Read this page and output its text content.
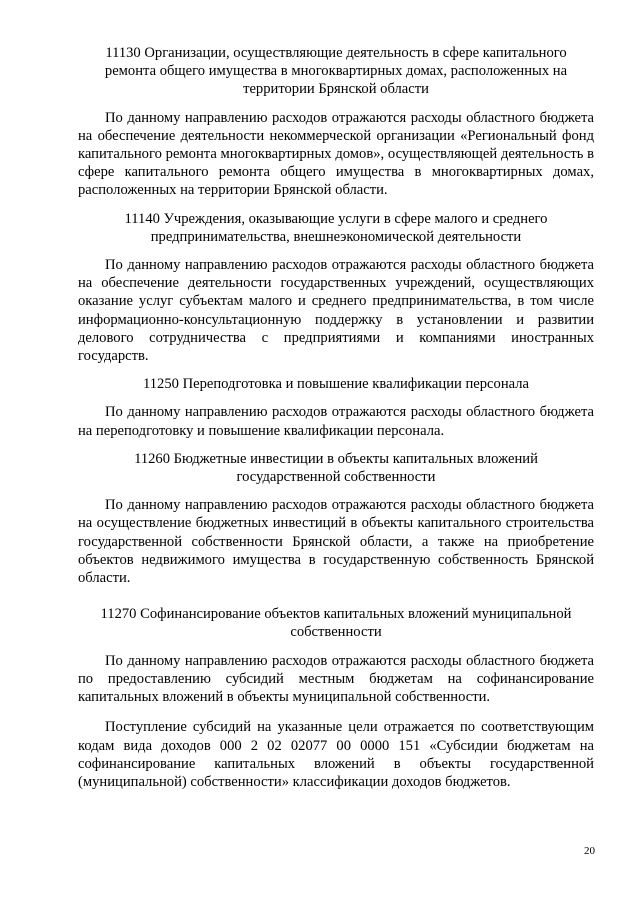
11130 Организации, осуществляющие деятельность в сфере капитального ремонта общего имущества в многоквартирных домах, расположенных на территории Брянской области

По данному направлению расходов отражаются расходы областного бюджета на обеспечение деятельности некоммерческой организации «Региональный фонд капитального ремонта многоквартирных домов», осуществляющей деятельность в сфере капитального ремонта общего имущества в многоквартирных домах, расположенных на территории Брянской области.

11140 Учреждения, оказывающие услуги в сфере малого и среднего предпринимательства, внешнеэкономической деятельности

По данному направлению расходов отражаются расходы областного бюджета на обеспечение деятельности государственных учреждений, осуществляющих оказание услуг субъектам малого и среднего предпринимательства, в том числе информационно-консультационную поддержку в установлении и развитии делового сотрудничества с предприятиями и компаниями иностранных государств.

11250 Переподготовка и повышение квалификации персонала

По данному направлению расходов отражаются расходы областного бюджета на переподготовку и повышение квалификации персонала.

11260 Бюджетные инвестиции в объекты капитальных вложений государственной собственности

По данному направлению расходов отражаются расходы областного бюджета на осуществление бюджетных инвестиций в объекты капитального строительства государственной собственности Брянской области, а также на приобретение объектов недвижимого имущества в государственную собственность Брянской области.

11270 Софинансирование объектов капитальных вложений муниципальной собственности

По данному направлению расходов отражаются расходы областного бюджета по предоставлению субсидий местным бюджетам на софинансирование капитальных вложений в объекты муниципальной собственности.

Поступление субсидий на указанные цели отражается по соответствующим кодам вида доходов 000 2 02 02077 00 0000 151 «Субсидии бюджетам на софинансирование капитальных вложений в объекты государственной (муниципальной) собственности» классификации доходов бюджетов.

20
